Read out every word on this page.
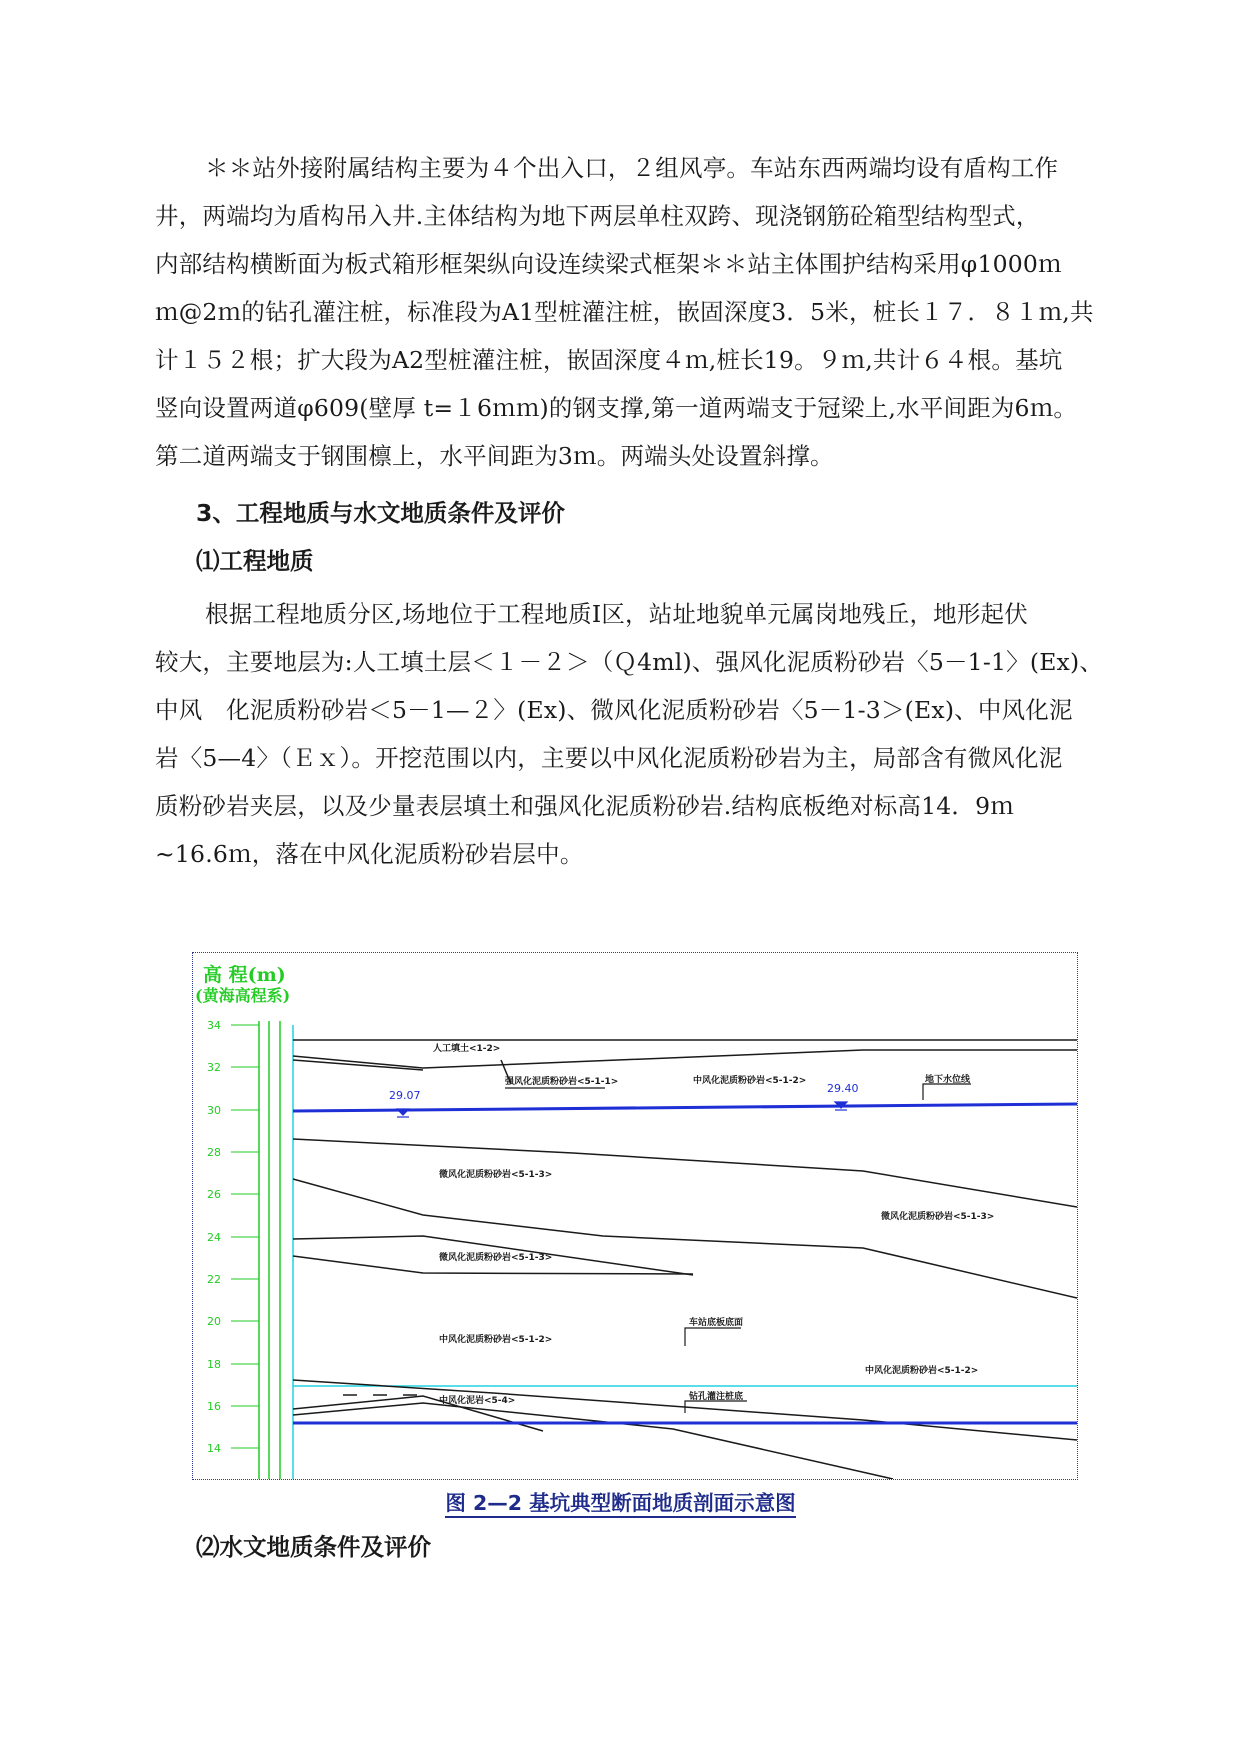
＊＊站外接附属结构主要为４个出入口，２组风亭。车站东西两端均设有盾构工作

井，两端均为盾构吊入井.主体结构为地下两层单柱双跨、现浇钢筋砼箱型结构型式，

内部结构横断面为板式箱形框架纵向设连续梁式框架＊＊站主体围护结构采用φ1000ｍ

ｍ@2ｍ的钻孔灌注桩，标准段为A1型桩灌注桩，嵌固深度3．5米，桩长１７．８１ｍ,共

计１５２根；扩大段为A2型桩灌注桩，嵌固深度４ｍ,桩长19。９ｍ,共计６４根。基坑

竖向设置两道φ609(壁厚 t=１6ｍｍ)的钢支撑,第一道两端支于冠梁上,水平间距为6ｍ。

第二道两端支于钢围檩上，水平间距为3ｍ。两端头处设置斜撑。

3、工程地质与水文地质条件及评价
⑴工程地质

根据工程地质分区,场地位于工程地质Ⅰ区，站址地貌单元属岗地残丘，地形起伏

较大，主要地层为:人工填土层＜１－２＞（Ｑ4ml)、强风化泥质粉砂岩〈5－1-1〉(Ex)、

中风　化泥质粉砂岩＜5－1—２〉(Ex)、微风化泥质粉砂岩〈5－1-3＞(Ex)、中风化泥

岩〈5—4〉（Ｅｘ）。开挖范围以内，主要以中风化泥质粉砂岩为主，局部含有微风化泥

质粉砂岩夹层，以及少量表层填土和强风化泥质粉砂岩.结构底板绝对标高14．9ｍ

~16.6ｍ，落在中风化泥质粉砂岩层中。

高 程(m)
(黄海高程系)
34
32
30
28
26
24
22
20
18
16
14
29.07
29.40
人工填土<1-2>
强风化泥质粉砂岩<5-1-1>	中风化泥质粉砂岩<5-1-2>	地下水位线
微风化泥质粉砂岩<5-1-3>
微风化泥质粉砂岩<5-1-3>
微风化泥质粉砂岩<5-1-3>
中风化泥质粉砂岩<5-1-2>
车站底板底面
中风化泥质粉砂岩<5-1-2>
中风化泥岩<5-4>	钻孔灌注桩底

图 2—2 基坑典型断面地质剖面示意图

⑵水文地质条件及评价
